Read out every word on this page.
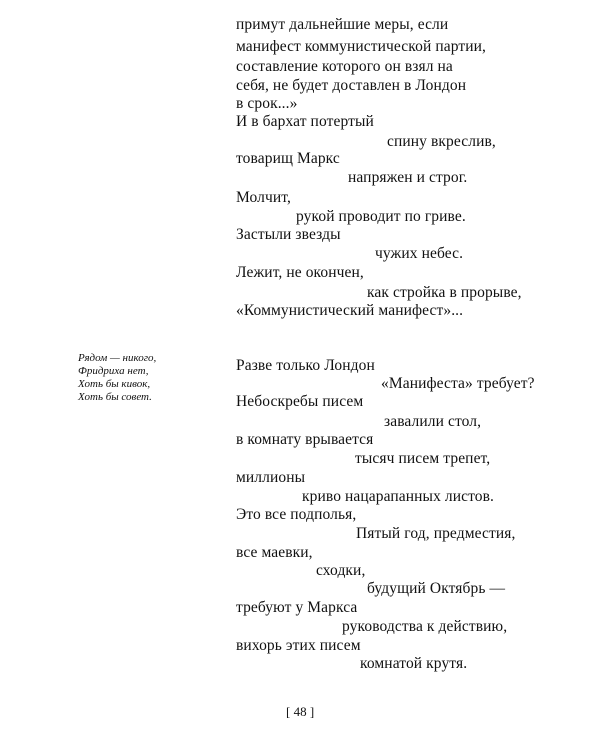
примут дальнейшие меры, если
манифест коммунистической партии,
составление которого он взял на
себя, не будет доставлен в Лондон
в срок...»
И в бархат потертый
спину вкреслив,
товарищ Маркс
напряжен и строг.
Молчит,
рукой проводит по гриве.
Застыли звезды
чужих небес.
Лежит, не окончен,
как стройка в прорыве,
«Коммунистический манифест»...
Рядом — никого,
Фридриха нет,
Хоть бы кивок,
Хоть бы совет.
Разве только Лондон
«Манифеста» требует?
Небоскребы писем
завалили стол,
в комнату врывается
тысяч писем трепет,
миллионы
криво нацарапанных листов.
Это все подполья,
Пятый год, предместия,
все маевки,
сходки,
будущий Октябрь —
требуют у Маркса
руководства к действию,
вихорь этих писем
комнатой крутя.
[ 48 ]
